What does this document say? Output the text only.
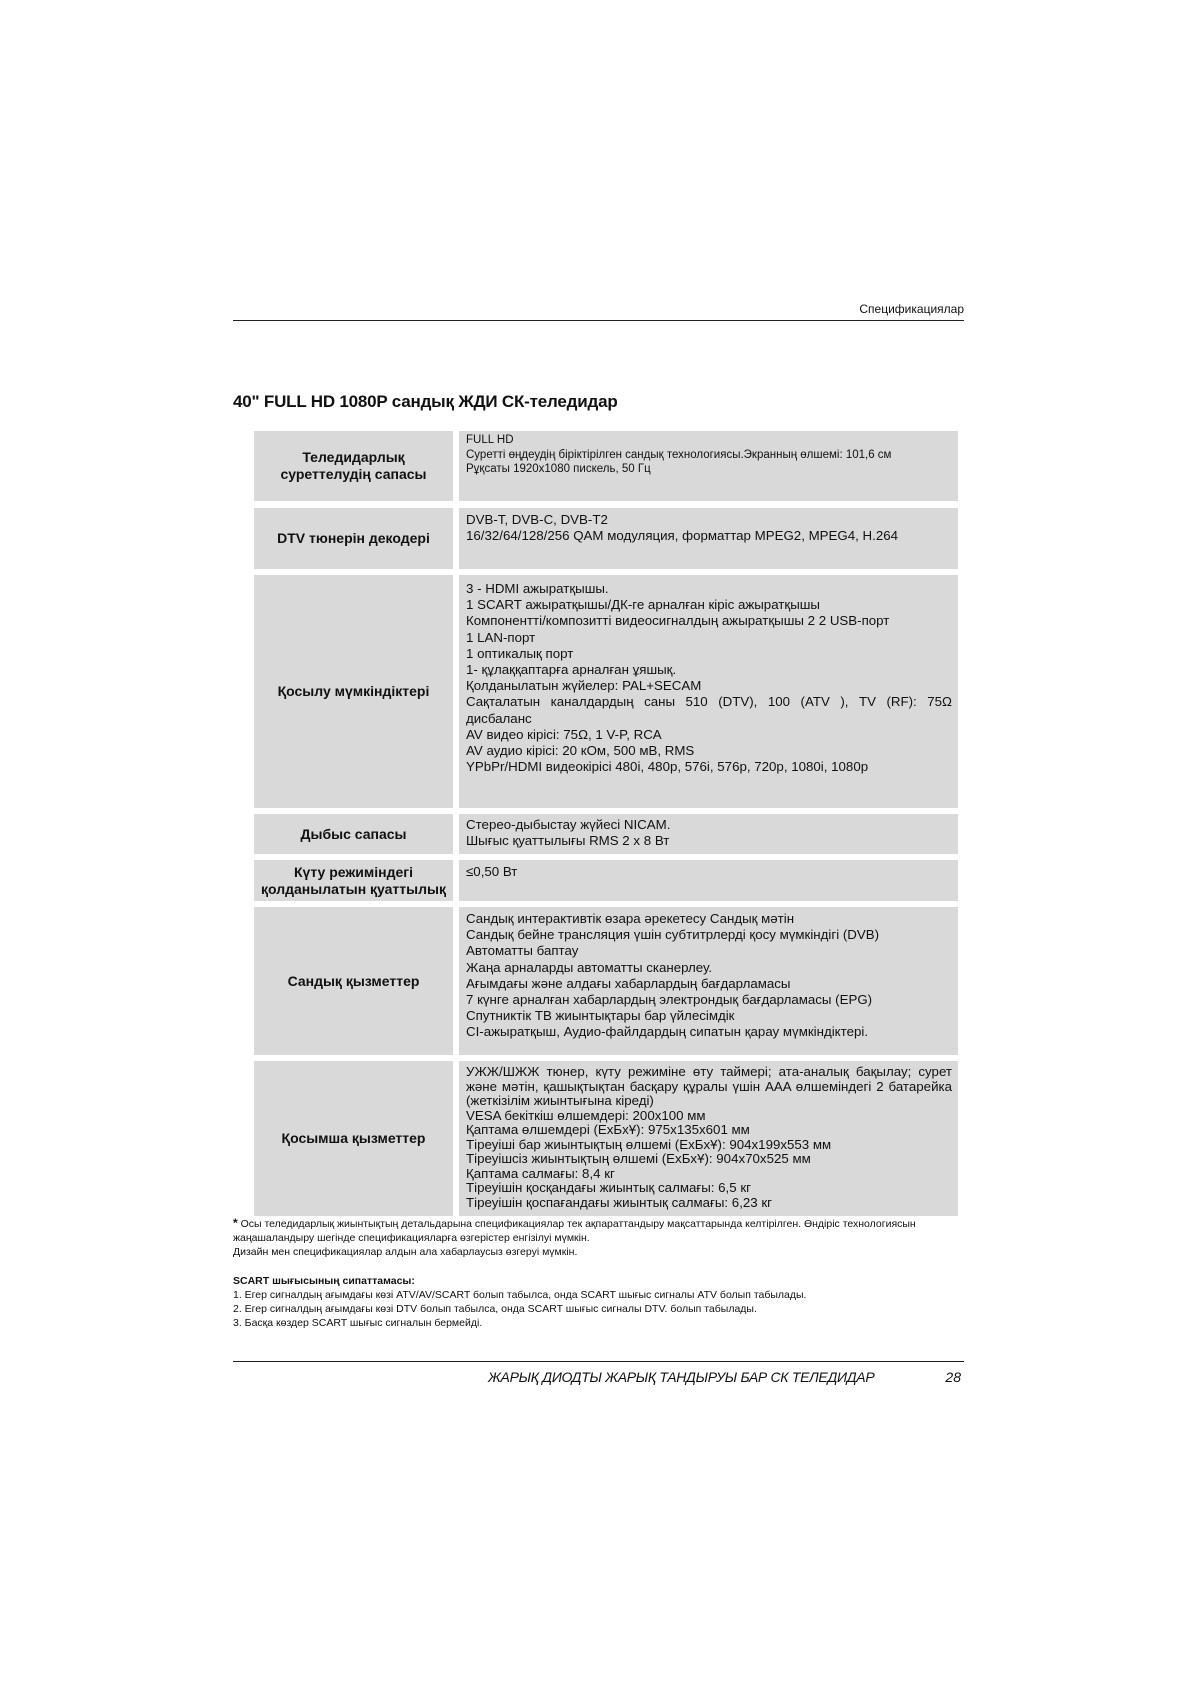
Спецификациялар
40" FULL HD 1080P сандық ЖДИ СК-теледидар
Теледидарлық суреттелудің сапасы
FULL HD
Суретті өңдеудің біріктірілген сандық технологиясы.Экранның өлшемі: 101,6 см
Рұқсаты 1920x1080 пискель, 50 Гц
DTV тюнерін декодері
DVB-T, DVB-C, DVB-T2
16/32/64/128/256 QAM модуляция, форматтар MPEG2, MPEG4, H.264
Қосылу мүмкіндіктері
3 - HDMI ажыратқышы.
1 SCART ажыратқышы/ДК-ге арналған кіріс ажыратқышы
Компонентті/композитті видеосигналдың ажыратқышы 2 2 USB-порт
1 LAN-порт
1 оптикалық порт
1- құлаққаптарға арналған ұяшық.
Қолданылатын жүйелер: PAL+SECAM
Сақталатын каналдардың саны 510 (DTV), 100 (ATV ), TV (RF): 75Ω дисбаланс
AV видео кірісі: 75Ω, 1 V-P, RCA
AV аудио кірісі: 20 кОм, 500 мВ, RMS
YPbPr/HDMI видеокірісі 480i, 480p, 576i, 576p, 720p, 1080i, 1080p
Дыбыс сапасы
Стерео-дыбыстау жүйесі NICAM.
Шығыс қуаттылығы RMS 2 x 8 Вт
Күту режиміндегі қолданылатын қуаттылық
≤0,50 Вт
Сандық қызметтер
Сандық интерактивтік өзара әрекетесу Сандық мәтін
Сандық бейне трансляция үшін субтитрлерді қосу мүмкіндігі (DVB)
Автоматты баптау
Жаңа арналарды автоматты сканерлеу.
Ағымдағы және алдағы хабарлардың бағдарламасы
7 күнге арналған хабарлардың электрондық бағдарламасы (EPG)
Спутниктік ТВ жиынтықтары бар үйлесімдік
CI-ажыратқыш, Аудио-файлдардың сипатын қарау мүмкіндіктері.
Қосымша қызметтер
УЖЖ/ШЖЖ тюнер, күту режиміне өту таймері; ата-аналық бақылау; сурет және мәтін, қашықтықтан басқару құралы үшін AAA өлшеміндегі 2 батарейка (жеткізілім жиынтығына кіреді)
VESA бекіткіш өлшемдері: 200x100 мм
Қаптама өлшемдері (ЕхБхҰ): 975x135x601 мм
Тіреуіші бар жиынтықтың өлшемі (ЕхБхҰ): 904x199x553 мм
Тіреуішсіз жиынтықтың өлшемі (ЕхБхҰ): 904x70x525 мм
Қаптама салмағы: 8,4 кг
Тіреуішін қосқандағы жиынтық салмағы: 6,5 кг
Тіреуішін қоспағандағы жиынтық салмағы: 6,23 кг
* Осы теледидарлық жиынтықтың детальдарына спецификациялар тек ақпараттандыру мақсаттарында келтірілген. Өндіріс технологиясын жаңашаландыру шегінде спецификацияларға өзгерістер енгізілуі мүмкін.
Дизайн мен спецификациялар алдын ала хабарлаусыз өзгеруі мүмкін.
SCART шығысының сипаттамасы:
1. Егер сигналдың ағымдағы көзі ATV/AV/SCART болып табылса, онда SCART шығыс сигналы ATV болып табылады.
2. Егер сигналдың ағымдағы көзі DTV болып табылса, онда SCART шығыс сигналы DTV. болып табылады.
3. Басқа көздер SCART шығыс сигналын бермейді.
ЖАРЫҚ ДИОДТЫ ЖАРЫҚ ТАНДЫРУЫ БАР СК ТЕЛЕДИДАР	28
